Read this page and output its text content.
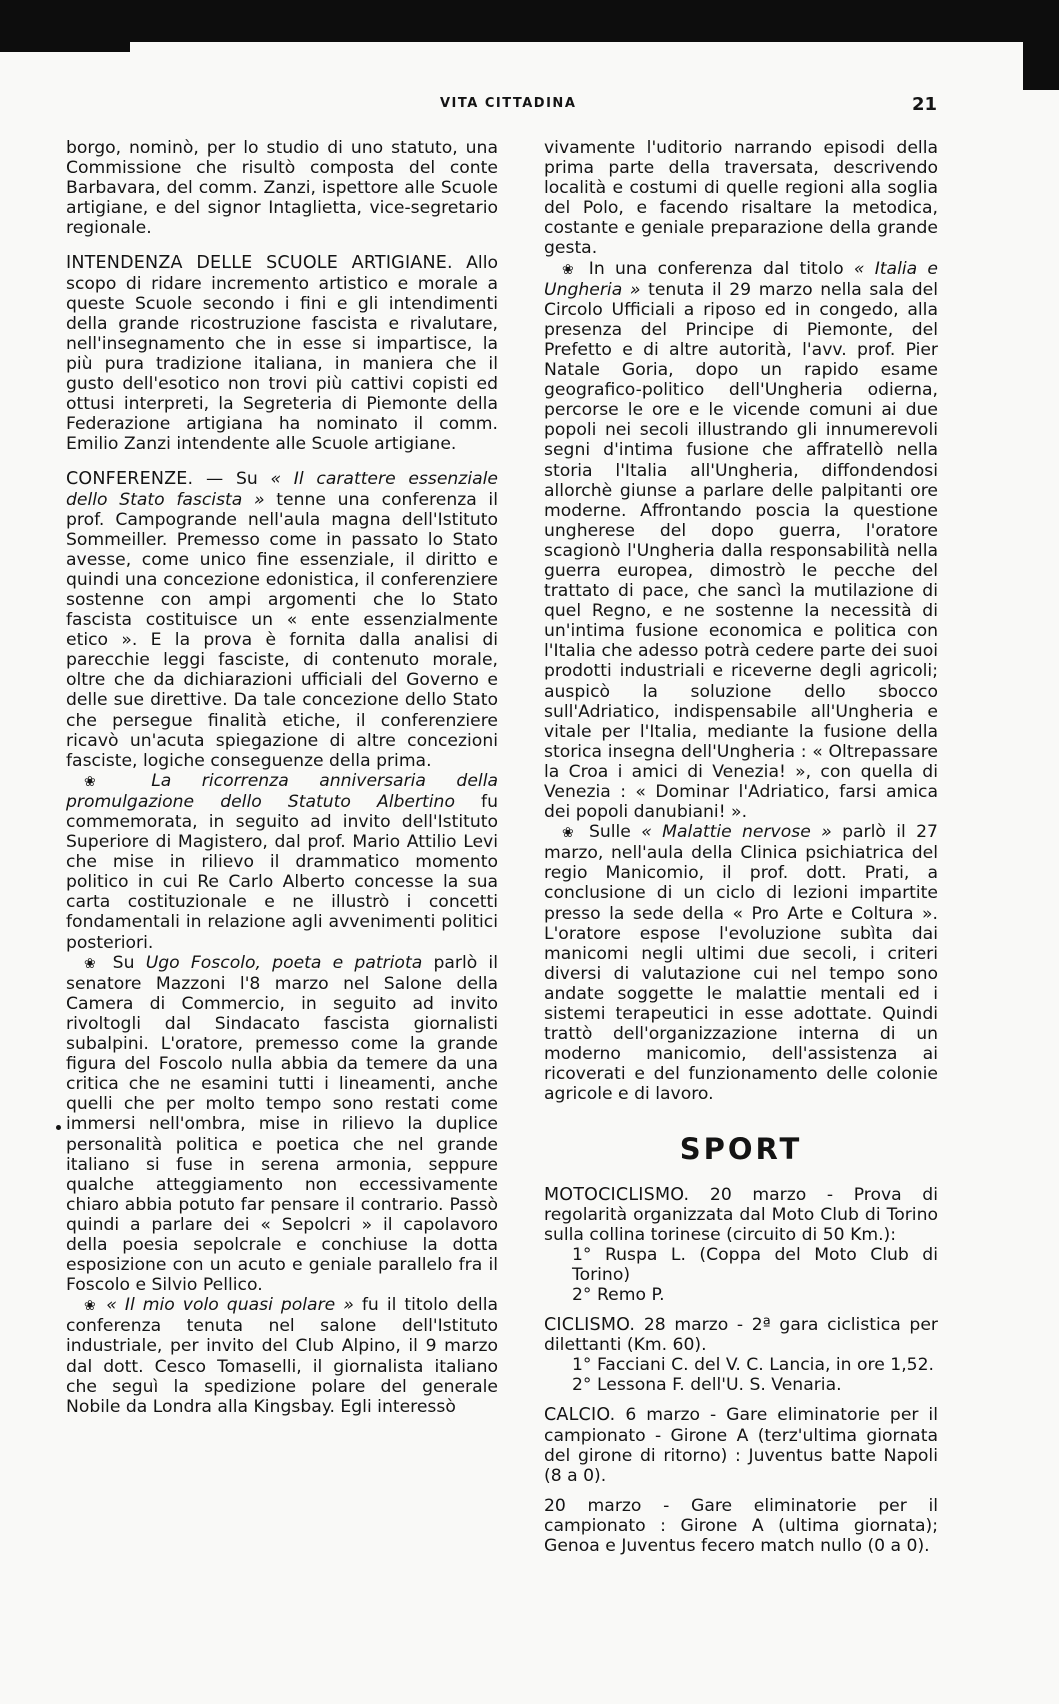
VITA CITTADINA	21

borgo, nominò, per lo studio di uno statuto, una Commissione che risultò composta del conte Barbavara, del comm. Zanzi, ispettore alle Scuole artigiane, e del signor Intaglietta, vice-segretario regionale.

INTENDENZA DELLE SCUOLE ARTIGIANE. Allo scopo di ridare incremento artistico e morale a queste Scuole secondo i fini e gli intendimenti della grande ricostruzione fascista e rivalutare, nell'insegnamento che in esse si impartisce, la più pura tradizione italiana, in maniera che il gusto dell'esotico non trovi più cattivi copisti ed ottusi interpreti, la Segreteria di Piemonte della Federazione artigiana ha nominato il comm. Emilio Zanzi intendente alle Scuole artigiane.

CONFERENZE. — Su « Il carattere essenziale dello Stato fascista » tenne una conferenza il prof. Campogrande nell'aula magna dell'Istituto Sommeiller. Premesso come in passato lo Stato avesse, come unico fine essenziale, il diritto e quindi una concezione edonistica, il conferenziere sostenne con ampi argomenti che lo Stato fascista costituisce un « ente essenzialmente etico ». E la prova è fornita dalla analisi di parecchie leggi fasciste, di contenuto morale, oltre che da dichiarazioni ufficiali del Governo e delle sue direttive. Da tale concezione dello Stato che persegue finalità etiche, il conferenziere ricavò un'acuta spiegazione di altre concezioni fasciste, logiche conseguenze della prima.

❀ La ricorrenza anniversaria della promulgazione dello Statuto Albertino fu commemorata, in seguito ad invito dell'Istituto Superiore di Magistero, dal prof. Mario Attilio Levi che mise in rilievo il drammatico momento politico in cui Re Carlo Alberto concesse la sua carta costituzionale e ne illustrò i concetti fondamentali in relazione agli avvenimenti politici posteriori.

❀ Su Ugo Foscolo, poeta e patriota parlò il senatore Mazzoni l'8 marzo nel Salone della Camera di Commercio, in seguito ad invito rivoltogli dal Sindacato fascista giornalisti subalpini. L'oratore, premesso come la grande figura del Foscolo nulla abbia da temere da una critica che ne esamini tutti i lineamenti, anche quelli che per molto tempo sono restati come immersi nell'ombra, mise in rilievo la duplice personalità politica e poetica che nel grande italiano si fuse in serena armonia, seppure qualche atteggiamento non eccessivamente chiaro abbia potuto far pensare il contrario. Passò quindi a parlare dei « Sepolcri » il capolavoro della poesia sepolcrale e conchiuse la dotta esposizione con un acuto e geniale parallelo fra il Foscolo e Silvio Pellico.

❀ « Il mio volo quasi polare » fu il titolo della conferenza tenuta nel salone dell'Istituto industriale, per invito del Club Alpino, il 9 marzo dal dott. Cesco Tomaselli, il giornalista italiano che seguì la spedizione polare del generale Nobile da Londra alla Kingsbay. Egli interessò

vivamente l'uditorio narrando episodi della prima parte della traversata, descrivendo località e costumi di quelle regioni alla soglia del Polo, e facendo risaltare la metodica, costante e geniale preparazione della grande gesta.

❀ In una conferenza dal titolo « Italia e Ungheria » tenuta il 29 marzo nella sala del Circolo Ufficiali a riposo ed in congedo, alla presenza del Principe di Piemonte, del Prefetto e di altre autorità, l'avv. prof. Pier Natale Goria, dopo un rapido esame geografico-politico dell'Ungheria odierna, percorse le ore e le vicende comuni ai due popoli nei secoli illustrando gli innumerevoli segni d'intima fusione che affratellò nella storia l'Italia all'Ungheria, diffondendosi allorchè giunse a parlare delle palpitanti ore moderne. Affrontando poscia la questione ungherese del dopo guerra, l'oratore scagionò l'Ungheria dalla responsabilità nella guerra europea, dimostrò le pecche del trattato di pace, che sancì la mutilazione di quel Regno, e ne sostenne la necessità di un'intima fusione economica e politica con l'Italia che adesso potrà cedere parte dei suoi prodotti industriali e riceverne degli agricoli; auspicò la soluzione dello sbocco sull'Adriatico, indispensabile all'Ungheria e vitale per l'Italia, mediante la fusione della storica insegna dell'Ungheria : « Oltrepassare la Croa i amici di Venezia! », con quella di Venezia : « Dominar l'Adriatico, farsi amica dei popoli danubiani! ».

❀ Sulle « Malattie nervose » parlò il 27 marzo, nell'aula della Clinica psichiatrica del regio Manicomio, il prof. dott. Prati, a conclusione di un ciclo di lezioni impartite presso la sede della « Pro Arte e Coltura ». L'oratore espose l'evoluzione subìta dai manicomi negli ultimi due secoli, i criteri diversi di valutazione cui nel tempo sono andate soggette le malattie mentali ed i sistemi terapeutici in esse adottate. Quindi trattò dell'organizzazione interna di un moderno manicomio, dell'assistenza ai ricoverati e del funzionamento delle colonie agricole e di lavoro.

SPORT

MOTOCICLISMO. 20 marzo - Prova di regolarità organizzata dal Moto Club di Torino sulla collina torinese (circuito di 50 Km.):

1° Ruspa L. (Coppa del Moto Club di Torino)

2° Remo P.

CICLISMO. 28 marzo - 2ª gara ciclistica per dilettanti (Km. 60).

1° Facciani C. del V. C. Lancia, in ore 1,52.

2° Lessona F. dell'U. S. Venaria.

CALCIO. 6 marzo - Gare eliminatorie per il campionato - Girone A (terz'ultima giornata del girone di ritorno) : Juventus batte Napoli (8 a 0).

20 marzo - Gare eliminatorie per il campionato : Girone A (ultima giornata); Genoa e Juventus fecero match nullo (0 a 0).
